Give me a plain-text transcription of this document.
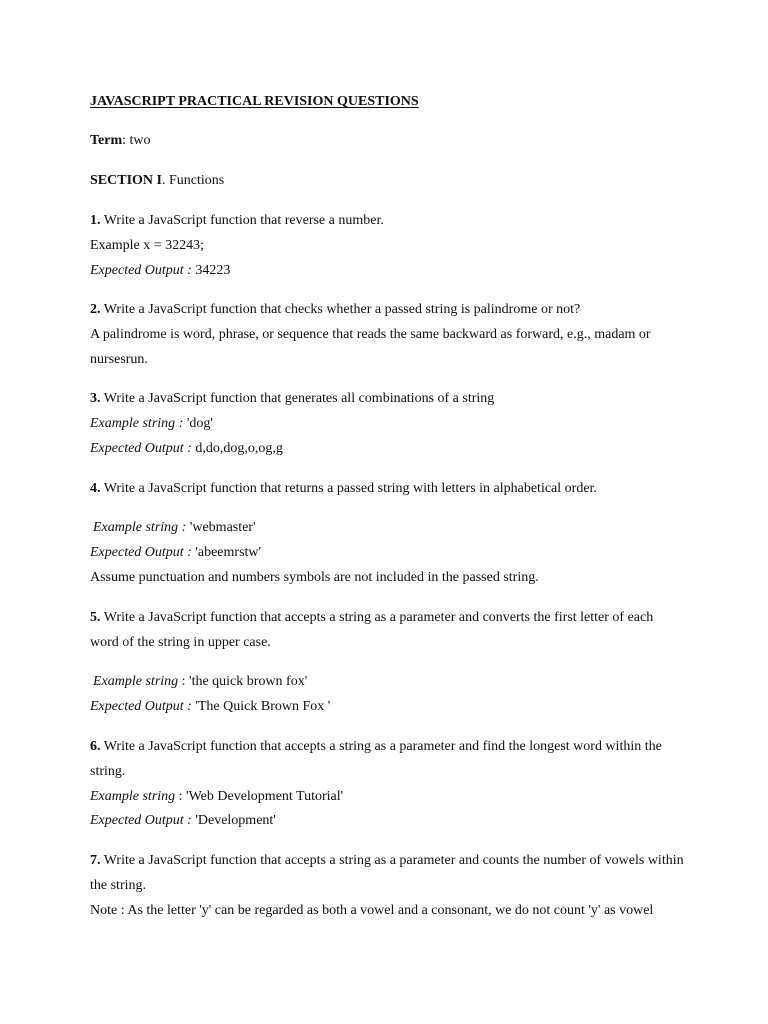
JAVASCRIPT PRACTICAL REVISION QUESTIONS
Term: two
SECTION I. Functions
1. Write a JavaScript function that reverse a number.
Example x = 32243;
Expected Output : 34223
2. Write a JavaScript function that checks whether a passed string is palindrome or not?
A palindrome is word, phrase, or sequence that reads the same backward as forward, e.g., madam or
nursesrun.
3. Write a JavaScript function that generates all combinations of a string
Example string : 'dog'
Expected Output : d,do,dog,o,og,g
4. Write a JavaScript function that returns a passed string with letters in alphabetical order.
Example string : 'webmaster'
Expected Output : 'abeemrstw'
Assume punctuation and numbers symbols are not included in the passed string.
5. Write a JavaScript function that accepts a string as a parameter and converts the first letter of each
word of the string in upper case.
Example string : 'the quick brown fox'
Expected Output : 'The Quick Brown Fox '
6. Write a JavaScript function that accepts a string as a parameter and find the longest word within the
string.
Example string : 'Web Development Tutorial'
Expected Output : 'Development'
7. Write a JavaScript function that accepts a string as a parameter and counts the number of vowels within
the string.
Note : As the letter 'y' can be regarded as both a vowel and a consonant, we do not count 'y' as vowel
